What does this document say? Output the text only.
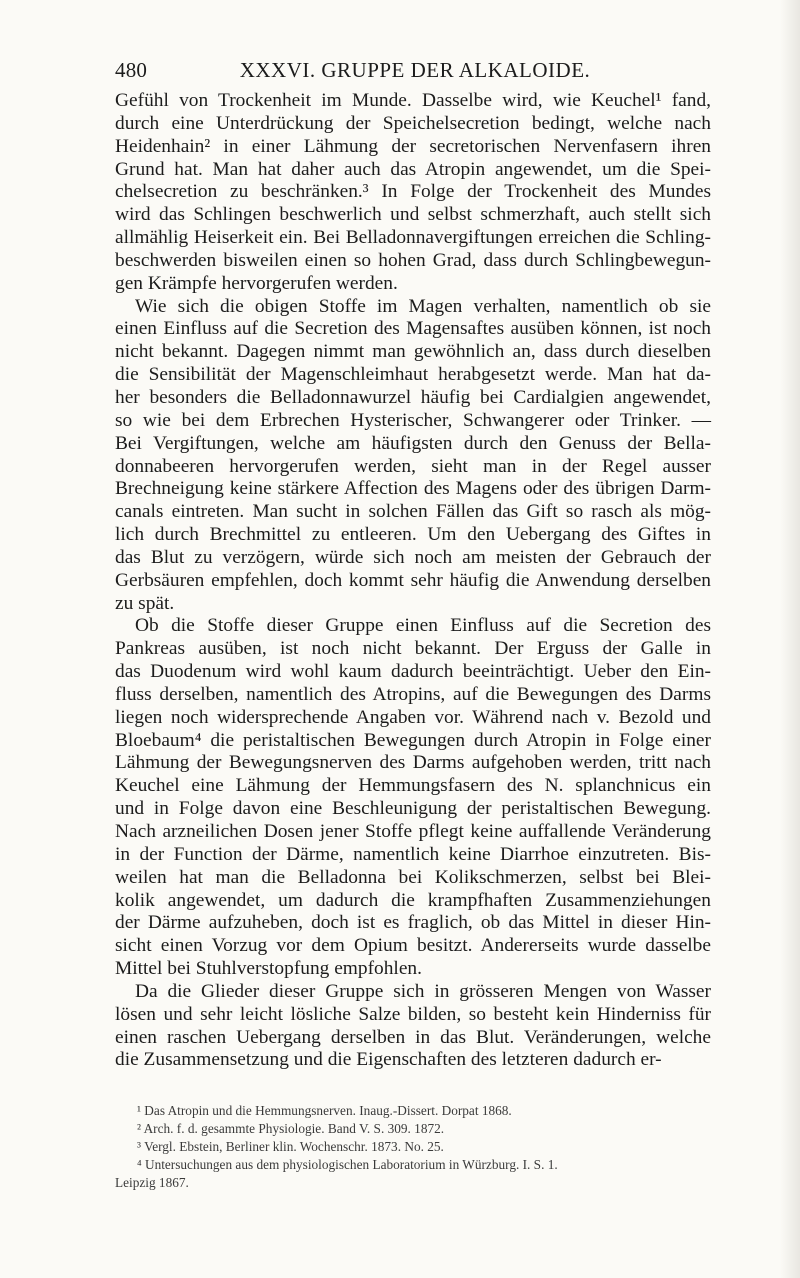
480	XXXVI. GRUPPE DER ALKALOIDE.
Gefühl von Trockenheit im Munde. Dasselbe wird, wie Keuchel¹ fand,
durch eine Unterdrückung der Speichelsecretion bedingt, welche nach
Heidenhain² in einer Lähmung der secretorischen Nervenfasern ihren
Grund hat. Man hat daher auch das Atropin angewendet, um die Spei-
chelsecretion zu beschränken.³ In Folge der Trockenheit des Mundes
wird das Schlingen beschwerlich und selbst schmerzhaft, auch stellt sich
allmählig Heiserkeit ein. Bei Belladonnavergiftungen erreichen die Schling-
beschwerden bisweilen einen so hohen Grad, dass durch Schlingbewegun-
gen Krämpfe hervorgerufen werden.
Wie sich die obigen Stoffe im Magen verhalten, namentlich ob sie
einen Einfluss auf die Secretion des Magensaftes ausüben können, ist noch
nicht bekannt. Dagegen nimmt man gewöhnlich an, dass durch dieselben
die Sensibilität der Magenschleimhaut herabgesetzt werde. Man hat da-
her besonders die Belladonnawurzel häufig bei Cardialgien angewendet,
so wie bei dem Erbrechen Hysterischer, Schwangerer oder Trinker. —
Bei Vergiftungen, welche am häufigsten durch den Genuss der Bella-
donnabeeren hervorgerufen werden, sieht man in der Regel ausser
Brechneigung keine stärkere Affection des Magens oder des übrigen Darm-
canals eintreten. Man sucht in solchen Fällen das Gift so rasch als mög-
lich durch Brechmittel zu entleeren. Um den Uebergang des Giftes in
das Blut zu verzögern, würde sich noch am meisten der Gebrauch der
Gerbsäuren empfehlen, doch kommt sehr häufig die Anwendung derselben
zu spät.
Ob die Stoffe dieser Gruppe einen Einfluss auf die Secretion des
Pankreas ausüben, ist noch nicht bekannt. Der Erguss der Galle in
das Duodenum wird wohl kaum dadurch beeinträchtigt. Ueber den Ein-
fluss derselben, namentlich des Atropins, auf die Bewegungen des Darms
liegen noch widersprechende Angaben vor. Während nach v. Bezold und
Bloebaum⁴ die peristaltischen Bewegungen durch Atropin in Folge einer
Lähmung der Bewegungsnerven des Darms aufgehoben werden, tritt nach
Keuchel eine Lähmung der Hemmungsfasern des N. splanchnicus ein
und in Folge davon eine Beschleunigung der peristaltischen Bewegung.
Nach arzneilichen Dosen jener Stoffe pflegt keine auffallende Veränderung
in der Function der Därme, namentlich keine Diarrhoe einzutreten. Bis-
weilen hat man die Belladonna bei Kolikschmerzen, selbst bei Blei-
kolik angewendet, um dadurch die krampfhaften Zusammenziehungen
der Därme aufzuheben, doch ist es fraglich, ob das Mittel in dieser Hin-
sicht einen Vorzug vor dem Opium besitzt. Andererseits wurde dasselbe
Mittel bei Stuhlverstopfung empfohlen.
Da die Glieder dieser Gruppe sich in grösseren Mengen von Wasser
lösen und sehr leicht lösliche Salze bilden, so besteht kein Hinderniss für
einen raschen Uebergang derselben in das Blut. Veränderungen, welche
die Zusammensetzung und die Eigenschaften des letzteren dadurch er-
¹ Das Atropin und die Hemmungsnerven. Inaug.-Dissert. Dorpat 1868.
² Arch. f. d. gesammte Physiologie. Band V. S. 309. 1872.
³ Vergl. Ebstein, Berliner klin. Wochenschr. 1873. No. 25.
⁴ Untersuchungen aus dem physiologischen Laboratorium in Würzburg. I. S. 1.
Leipzig 1867.
